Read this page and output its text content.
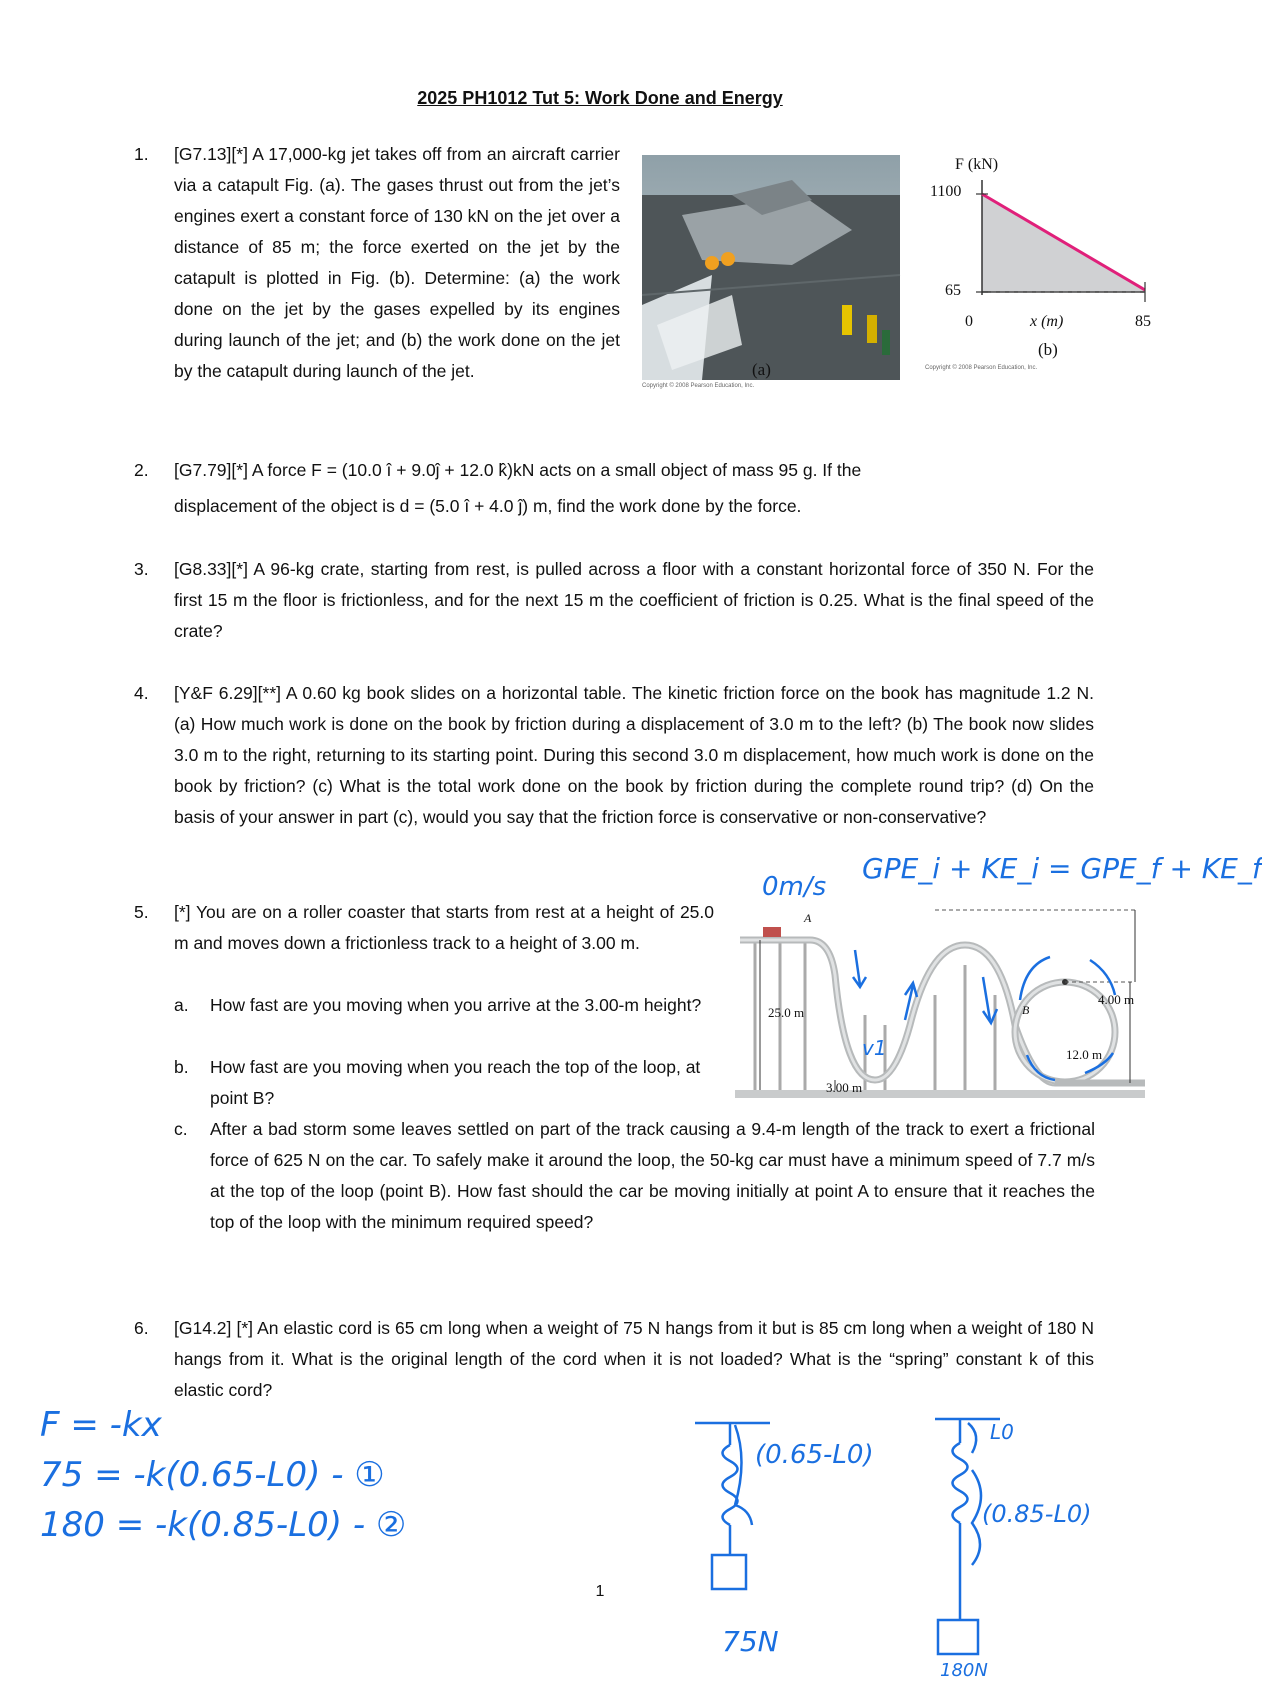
2025 PH1012 Tut 5: Work Done and Energy
1. [G7.13][*] A 17,000-kg jet takes off from an aircraft carrier via a catapult Fig. (a). The gases thrust out from the jet’s engines exert a constant force of 130 kN on the jet over a distance of 85 m; the force exerted on the jet by the catapult is plotted in Fig. (b). Determine: (a) the work done on the jet by the gases expelled by its engines during launch of the jet; and (b) the work done on the jet by the catapult during launch of the jet.	(a)
Copyright © 2008 Pearson Education, Inc.
F (kN)
1100
65
0	x (m)	85
(b)
Copyright © 2008 Pearson Education, Inc.
2. [G7.79][*] A force F = (10.0 î + 9.0ĵ + 12.0 k̂)kN acts on a small object of mass 95 g. If the
displacement of the object is d = (5.0 î + 4.0 ĵ) m, find the work done by the force.
3. [G8.33][*] A 96-kg crate, starting from rest, is pulled across a floor with a constant horizontal force of 350 N. For the first 15 m the floor is frictionless, and for the next 15 m the coefficient of friction is 0.25. What is the final speed of the crate?
4. [Y&F 6.29][**] A 0.60 kg book slides on a horizontal table. The kinetic friction force on the book has magnitude 1.2 N. (a) How much work is done on the book by friction during a displacement of 3.0 m to the left? (b) The book now slides 3.0 m to the right, returning to its starting point. During this second 3.0 m displacement, how much work is done on the book by friction? (c) What is the total work done on the book by friction during the complete round trip? (d) On the basis of your answer in part (c), would you say that the friction force is conservative or non-conservative?
0m/s
GPE_i + KE_i = GPE_f + KE_f
5. [*] You are on a roller coaster that starts from rest at a height of 25.0 m and moves down a frictionless track to a height of 3.00 m.
a. How fast are you moving when you arrive at the 3.00-m height?
b. How fast are you moving when you reach the top of the loop, at point B?
c. After a bad storm some leaves settled on part of the track causing a 9.4-m length of the track to exert a frictional force of 625 N on the car. To safely make it around the loop, the 50-kg car must have a minimum speed of 7.7 m/s at the top of the loop (point B). How fast should the car be moving initially at point A to ensure that it reaches the top of the loop with the minimum required speed?
A
B
25.0 m
3.00 m
4.00 m
12.0 m
v1
6. [G14.2] [*] An elastic cord is 65 cm long when a weight of 75 N hangs from it but is 85 cm long when a weight of 180 N hangs from it. What is the original length of the cord when it is not loaded? What is the “spring” constant k of this elastic cord?
F = -kx
75 = -k(0.65-L0) - ①
180 = -k(0.85-L0) - ②
(0.65-L0)
75N
L0
(0.85-L0)
180N
1
